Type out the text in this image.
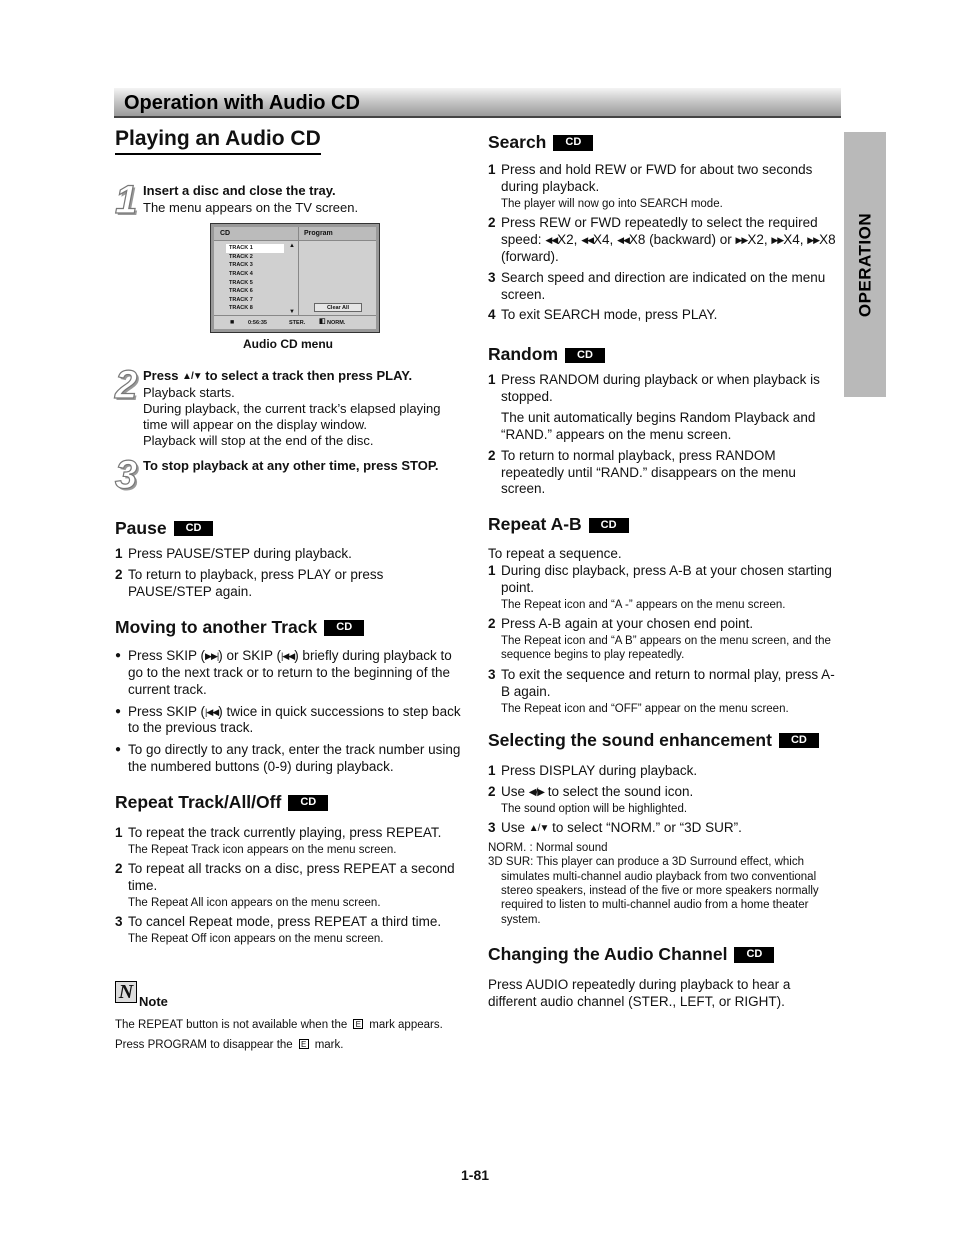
Operation with Audio CD
OPERATION
Playing an Audio CD
1 Insert a disc and close the tray.
The menu appears on the TV screen.
CD	Program
TRACK 1
TRACK 2
TRACK 3
TRACK 4
TRACK 5
TRACK 6
TRACK 7
TRACK 8
▲
▼
Clear All
■	0:56:35	STER. ◧ NORM.
Audio CD menu
2 Press ▲/▼ to select a track then press PLAY.
Playback starts.
During playback, the current track’s elapsed playing time will appear on the display window.
Playback will stop at the end of the disc.
3 To stop playback at any other time, press STOP.
Pause	CD
1 Press PAUSE/STEP during playback.
2 To return to playback, press PLAY or press PAUSE/STEP again.
Moving to another Track	CD
● Press SKIP (▶▶|) or SKIP (|◀◀) briefly during playback to go to the next track or to return to the beginning of the current track.
● Press SKIP (|◀◀) twice in quick successions to step back to the previous track.
● To go directly to any track, enter the track number using the numbered buttons (0-9) during playback.
Repeat Track/All/Off	CD
1 To repeat the track currently playing, press REPEAT.
The Repeat Track icon appears on the menu screen.
2 To repeat all tracks on a disc, press REPEAT a second time.
The Repeat All icon appears on the menu screen.
3 To cancel Repeat mode, press REPEAT a third time.
The Repeat Off icon appears on the menu screen.
N Note

The REPEAT button is not available when the E mark appears.

Press PROGRAM to disappear the E mark.

Search	CD
1 Press and hold REW or FWD for about two seconds during playback.
The player will now go into SEARCH mode.
2 Press REW or FWD repeatedly to select the required speed: ◀◀X2, ◀◀X4, ◀◀X8 (backward) or ▶▶X2, ▶▶X4, ▶▶X8 (forward).
3 Search speed and direction are indicated on the menu screen.
4 To exit SEARCH mode, press PLAY.
Random	CD
1 Press RANDOM during playback or when playback is stopped.
The unit automatically begins Random Playback and “RAND.” appears on the menu screen.
2 To return to normal playback, press RANDOM repeatedly until “RAND.” disappears on the menu screen.
Repeat A-B	CD
To repeat a sequence.
1 During disc playback, press A-B at your chosen starting point.
The Repeat icon and “A -” appears on the menu screen.
2 Press A-B again at your chosen end point.
The Repeat icon and “A B” appears on the menu screen, and the sequence begins to play repeatedly.
3 To exit the sequence and return to normal play, press A-B again.
The Repeat icon and “OFF” appear on the menu screen.
Selecting the sound enhancement	CD
1 Press DISPLAY during playback.
2 Use ◀/▶ to select the sound icon.
The sound option will be highlighted.
3 Use ▲/▼ to select “NORM.” or “3D SUR”.
NORM. : Normal sound
3D SUR: This player can produce a 3D Surround effect, which simulates multi-channel audio playback from two conventional stereo speakers, instead of the five or more speakers normally required to listen to multi-channel audio from a home theater system.
Changing the Audio Channel	CD
Press AUDIO repeatedly during playback to hear a different audio channel (STER., LEFT, or RIGHT).
1-81
